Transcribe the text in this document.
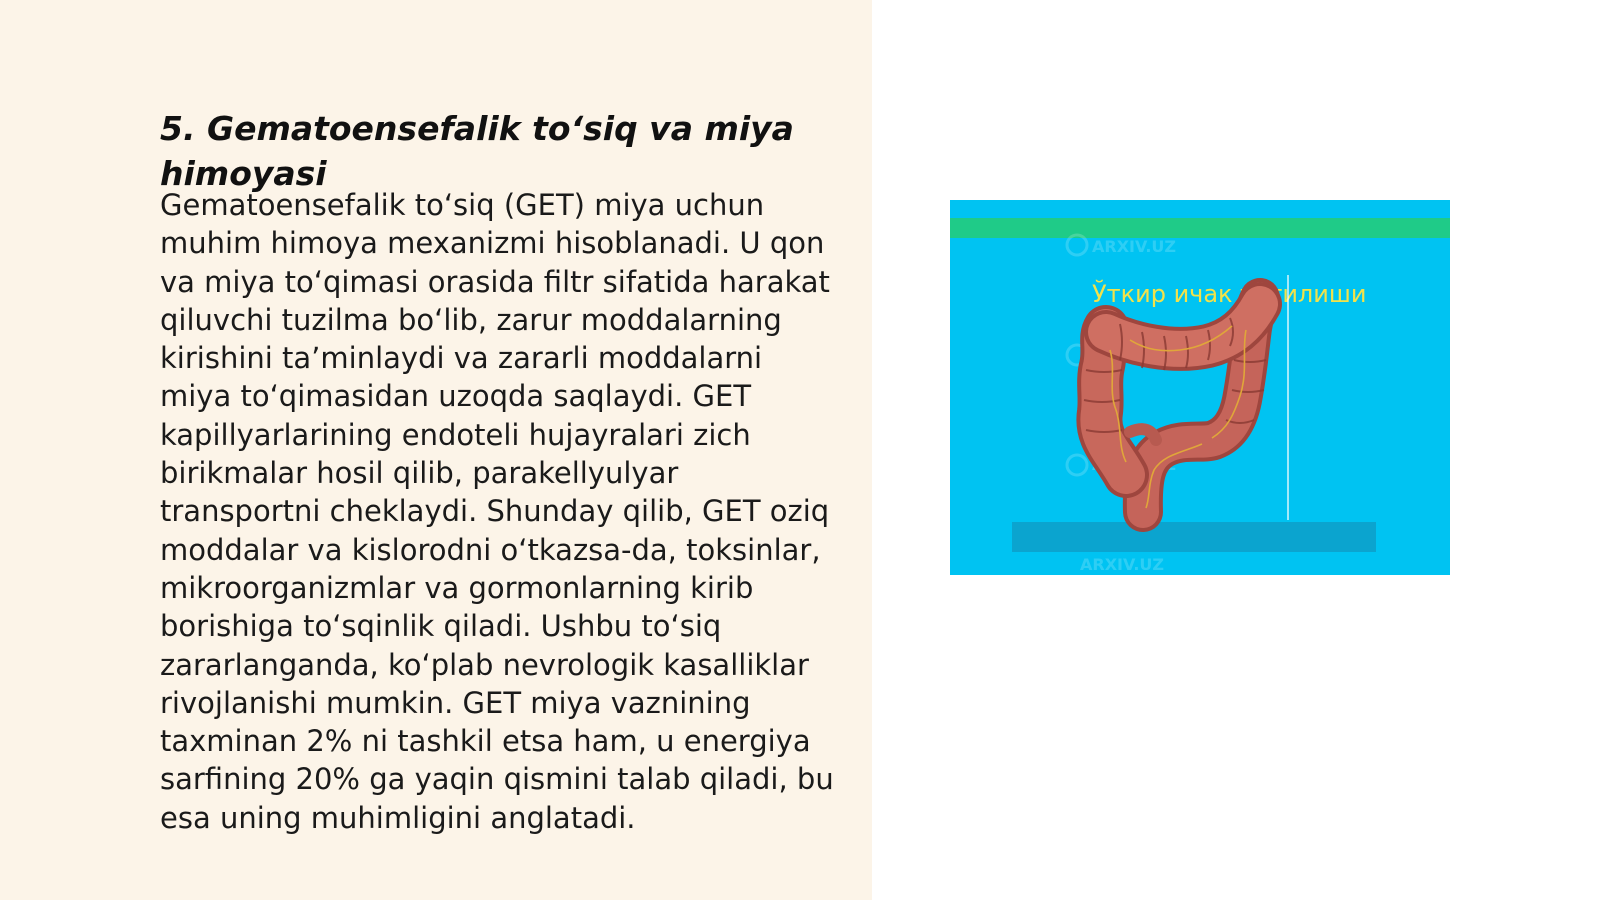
5. Gematoensefalik to‘siq va miya himoyasi

Gematoensefalik to‘siq (GET) miya uchun muhim himoya mexanizmi hisoblanadi. U qon va miya to‘qimasi orasida filtr sifatida harakat qiluvchi tuzilma bo‘lib, zarur moddalarning kirishini ta’minlaydi va zararli moddalarni miya to‘qimasidan uzoqda saqlaydi. GET kapillyarlarining endoteli hujayralari zich birikmalar hosil qilib, parakellyulyar transportni cheklaydi. Shunday qilib, GET oziq moddalar va kislorodni o‘tkazsa-da, toksinlar, mikroorganizmlar va gormonlarning kirib borishiga to‘sqinlik qiladi. Ushbu to‘siq zararlanganda, ko‘plab nevrologik kasalliklar rivojlanishi mumkin. GET miya vaznining taxminan 2% ni tashkil etsa ham, u energiya sarfining 20% ga yaqin qismini talab qiladi, bu esa uning muhimligini anglatadi.

ARXIV.UZ
ARXIV.UZ
ARXIV.UZ
ARXIV.UZ
Ўткир ичак тутилиши
